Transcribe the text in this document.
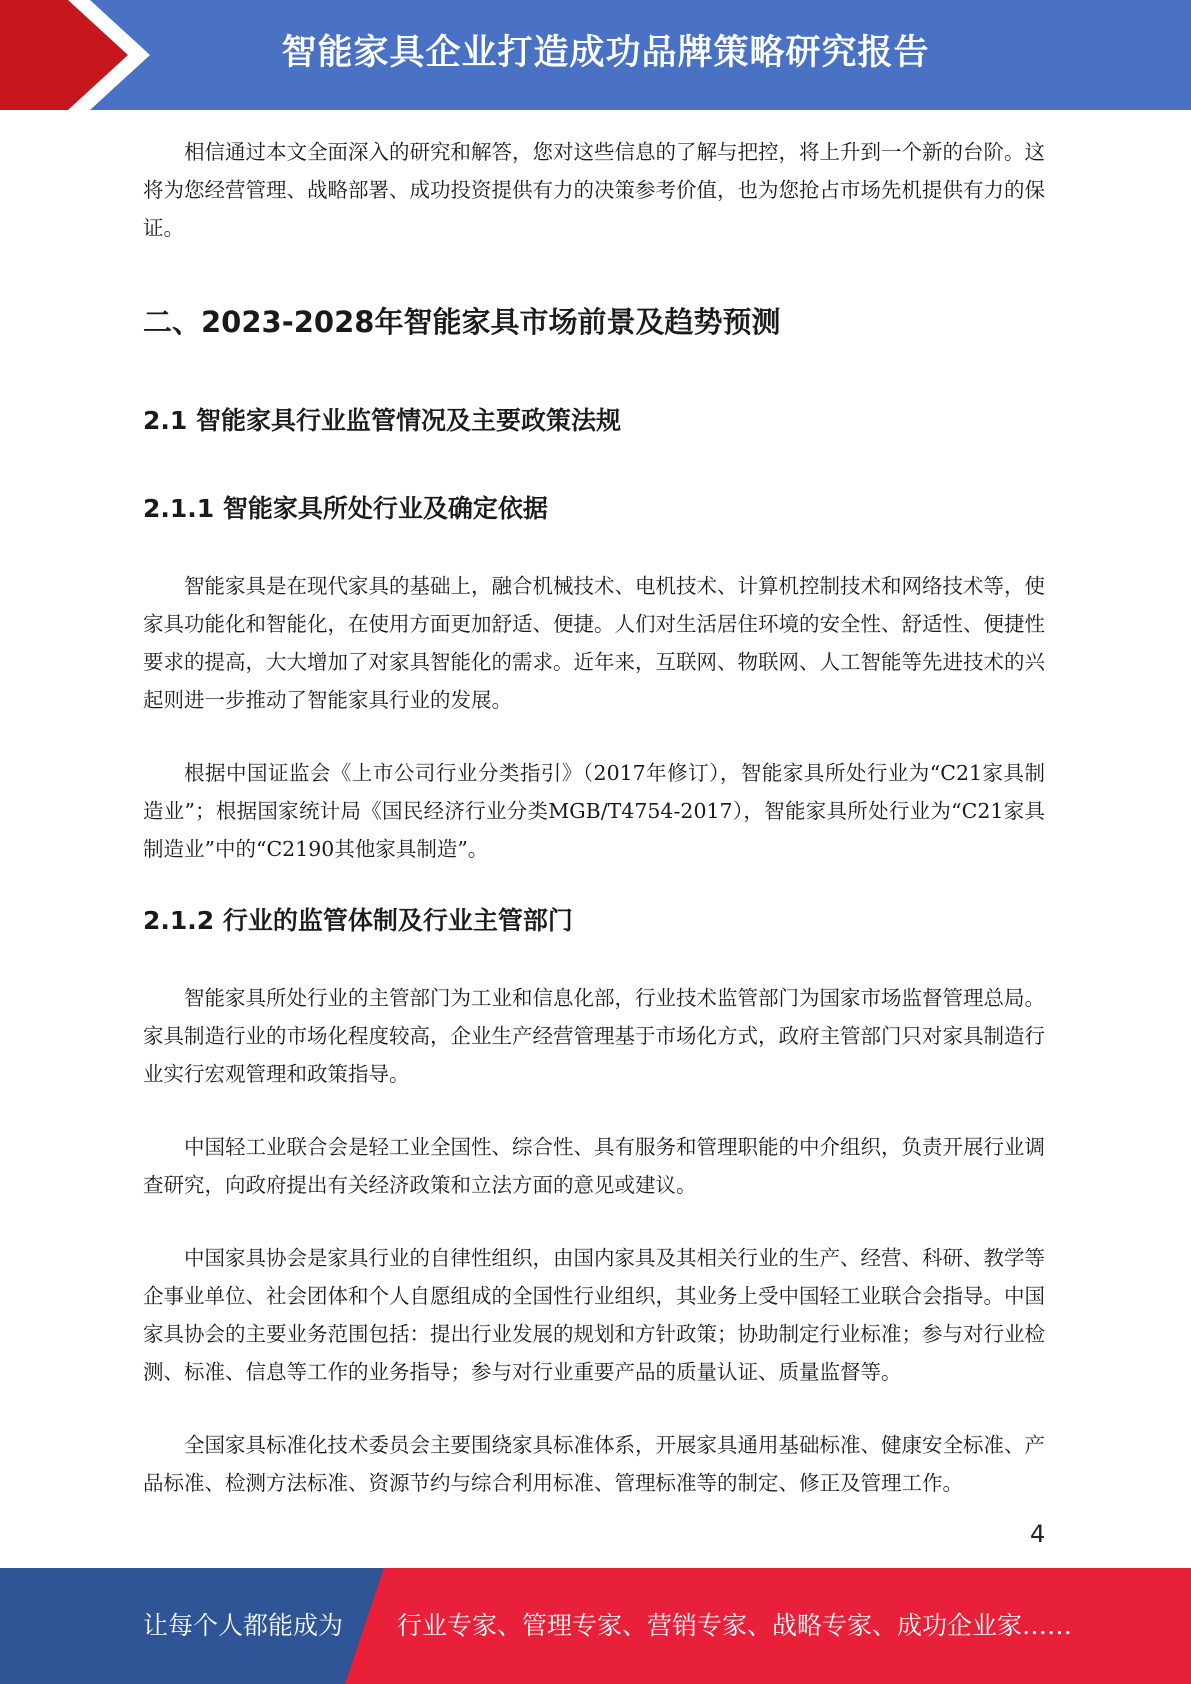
智能家具企业打造成功品牌策略研究报告

相信通过本文全面深入的研究和解答，您对这些信息的了解与把控，将上升到一个新的台阶。这将为您经营管理、战略部署、成功投资提供有力的决策参考价值，也为您抢占市场先机提供有力的保证。

二、2023-2028年智能家具市场前景及趋势预测
2.1 智能家具行业监管情况及主要政策法规
2.1.1 智能家具所处行业及确定依据

智能家具是在现代家具的基础上，融合机械技术、电机技术、计算机控制技术和网络技术等，使家具功能化和智能化，在使用方面更加舒适、便捷。人们对生活居住环境的安全性、舒适性、便捷性要求的提高，大大增加了对家具智能化的需求。近年来，互联网、物联网、人工智能等先进技术的兴起则进一步推动了智能家具行业的发展。

根据中国证监会《上市公司行业分类指引》（2017年修订），智能家具所处行业为“C21家具制造业”；根据国家统计局《国民经济行业分类MGB/T4754-2017），智能家具所处行业为“C21家具制造业”中的“C2190其他家具制造”。

2.1.2 行业的监管体制及行业主管部门

智能家具所处行业的主管部门为工业和信息化部，行业技术监管部门为国家市场监督管理总局。家具制造行业的市场化程度较高，企业生产经营管理基于市场化方式，政府主管部门只对家具制造行业实行宏观管理和政策指导。

中国轻工业联合会是轻工业全国性、综合性、具有服务和管理职能的中介组织，负责开展行业调查研究，向政府提出有关经济政策和立法方面的意见或建议。

中国家具协会是家具行业的自律性组织，由国内家具及其相关行业的生产、经营、科研、教学等企事业单位、社会团体和个人自愿组成的全国性行业组织，其业务上受中国轻工业联合会指导。中国家具协会的主要业务范围包括：提出行业发展的规划和方针政策；协助制定行业标准；参与对行业检测、标准、信息等工作的业务指导；参与对行业重要产品的质量认证、质量监督等。

全国家具标准化技术委员会主要围绕家具标准体系，开展家具通用基础标准、健康安全标准、产品标准、检测方法标准、资源节约与综合利用标准、管理标准等的制定、修正及管理工作。

4
让每个人都能成为 行业专家、管理专家、营销专家、战略专家、成功企业家……
